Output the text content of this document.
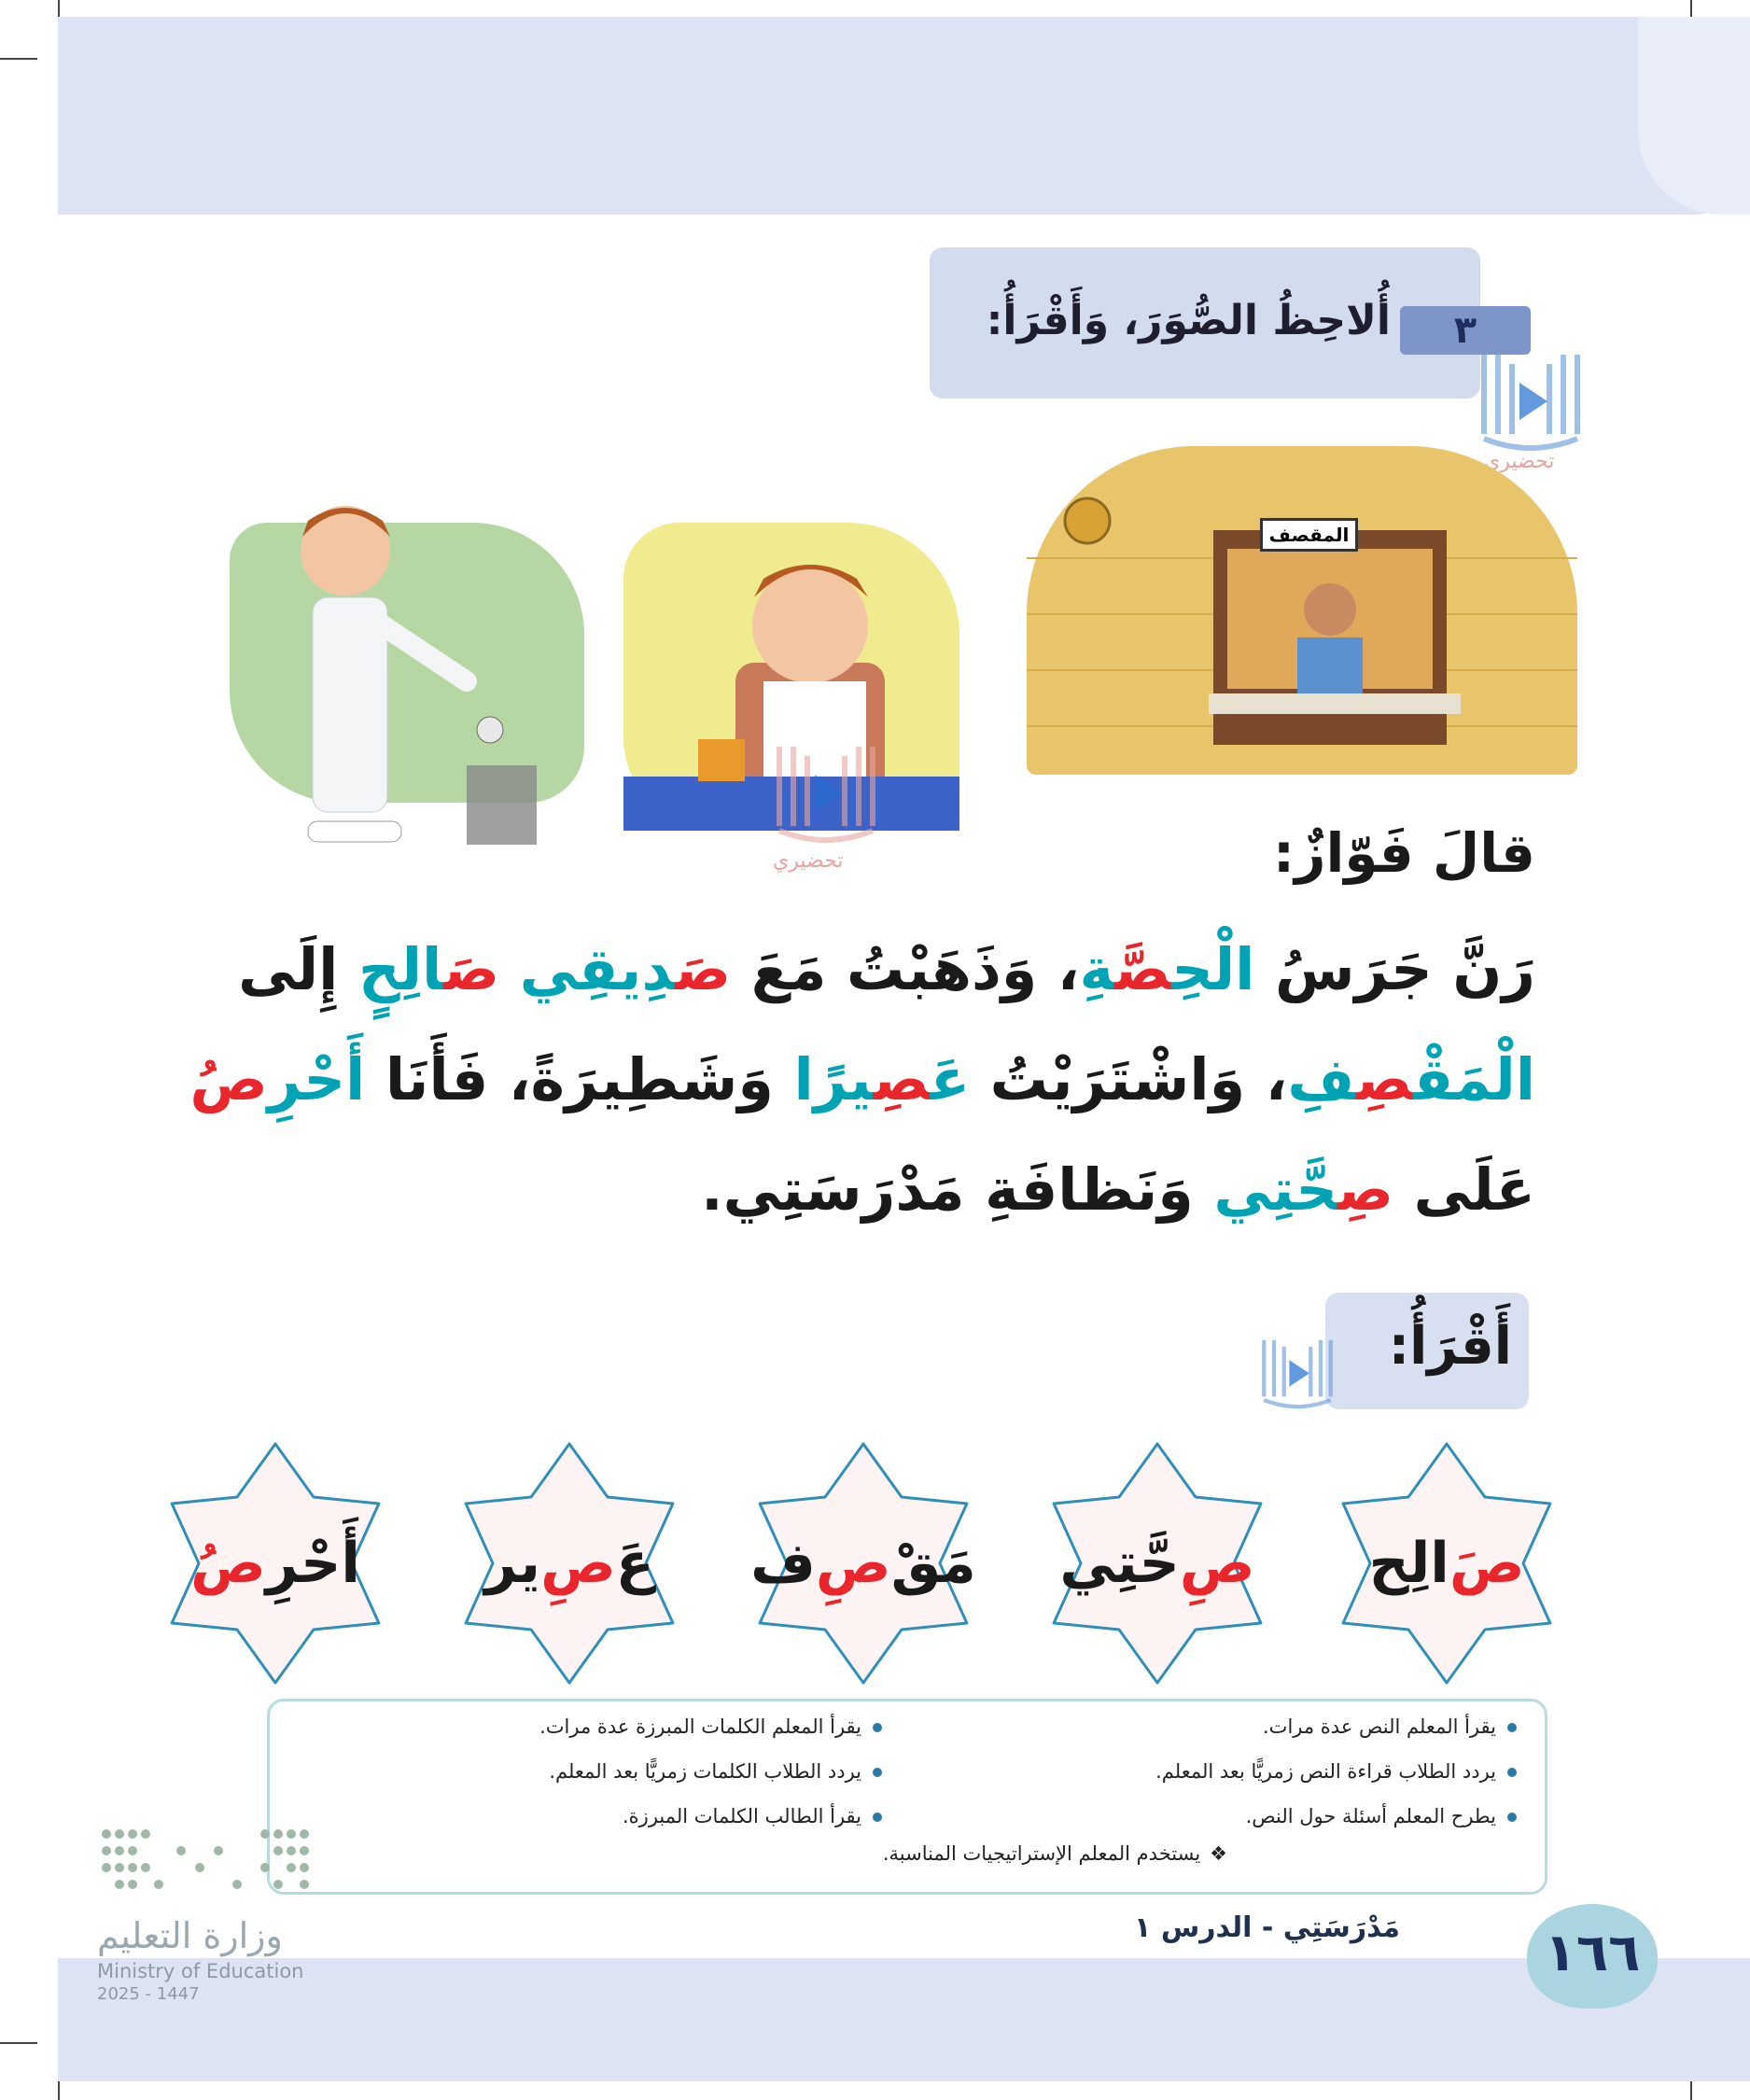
٣
أُلاحِظُ الصُّوَرَ، وَأَقْرَأُ:
تحضيري
المقصف
تحضيري	قالَ فَوّازٌ:
رَنَّ جَرَسُ الْحِصَّةِ، وَذَهَبْتُ مَعَ صَدِيقِي صَالِحٍ إِلَى
الْمَقْصِفِ، وَاشْتَرَيْتُ عَصِيرًا وَشَطِيرَةً، فَأَنَا أَحْرِصُ
عَلَى صِحَّتِي وَنَظافَةِ مَدْرَسَتِي.
أَقْرَأُ:
صَ
الِح
صِ
حَّتِي
مَقْ
صِ
ف
عَ
صِ
ير
أَحْرِ
صُ
يقرأ المعلم النص عدة مرات.
يردد الطلاب قراءة النص زمريًّا بعد المعلم.
يطرح المعلم أسئلة حول النص.
يقرأ المعلم الكلمات المبرزة عدة مرات.
يردد الطلاب الكلمات زمريًّا بعد المعلم.
يقرأ الطالب الكلمات المبرزة.
❖يستخدم المعلم الإستراتيجيات المناسبة.
١٦٦
مَدْرَسَتِي - الدرس ١
وزارة التعليم
Ministry of Education
2025 - 1447
